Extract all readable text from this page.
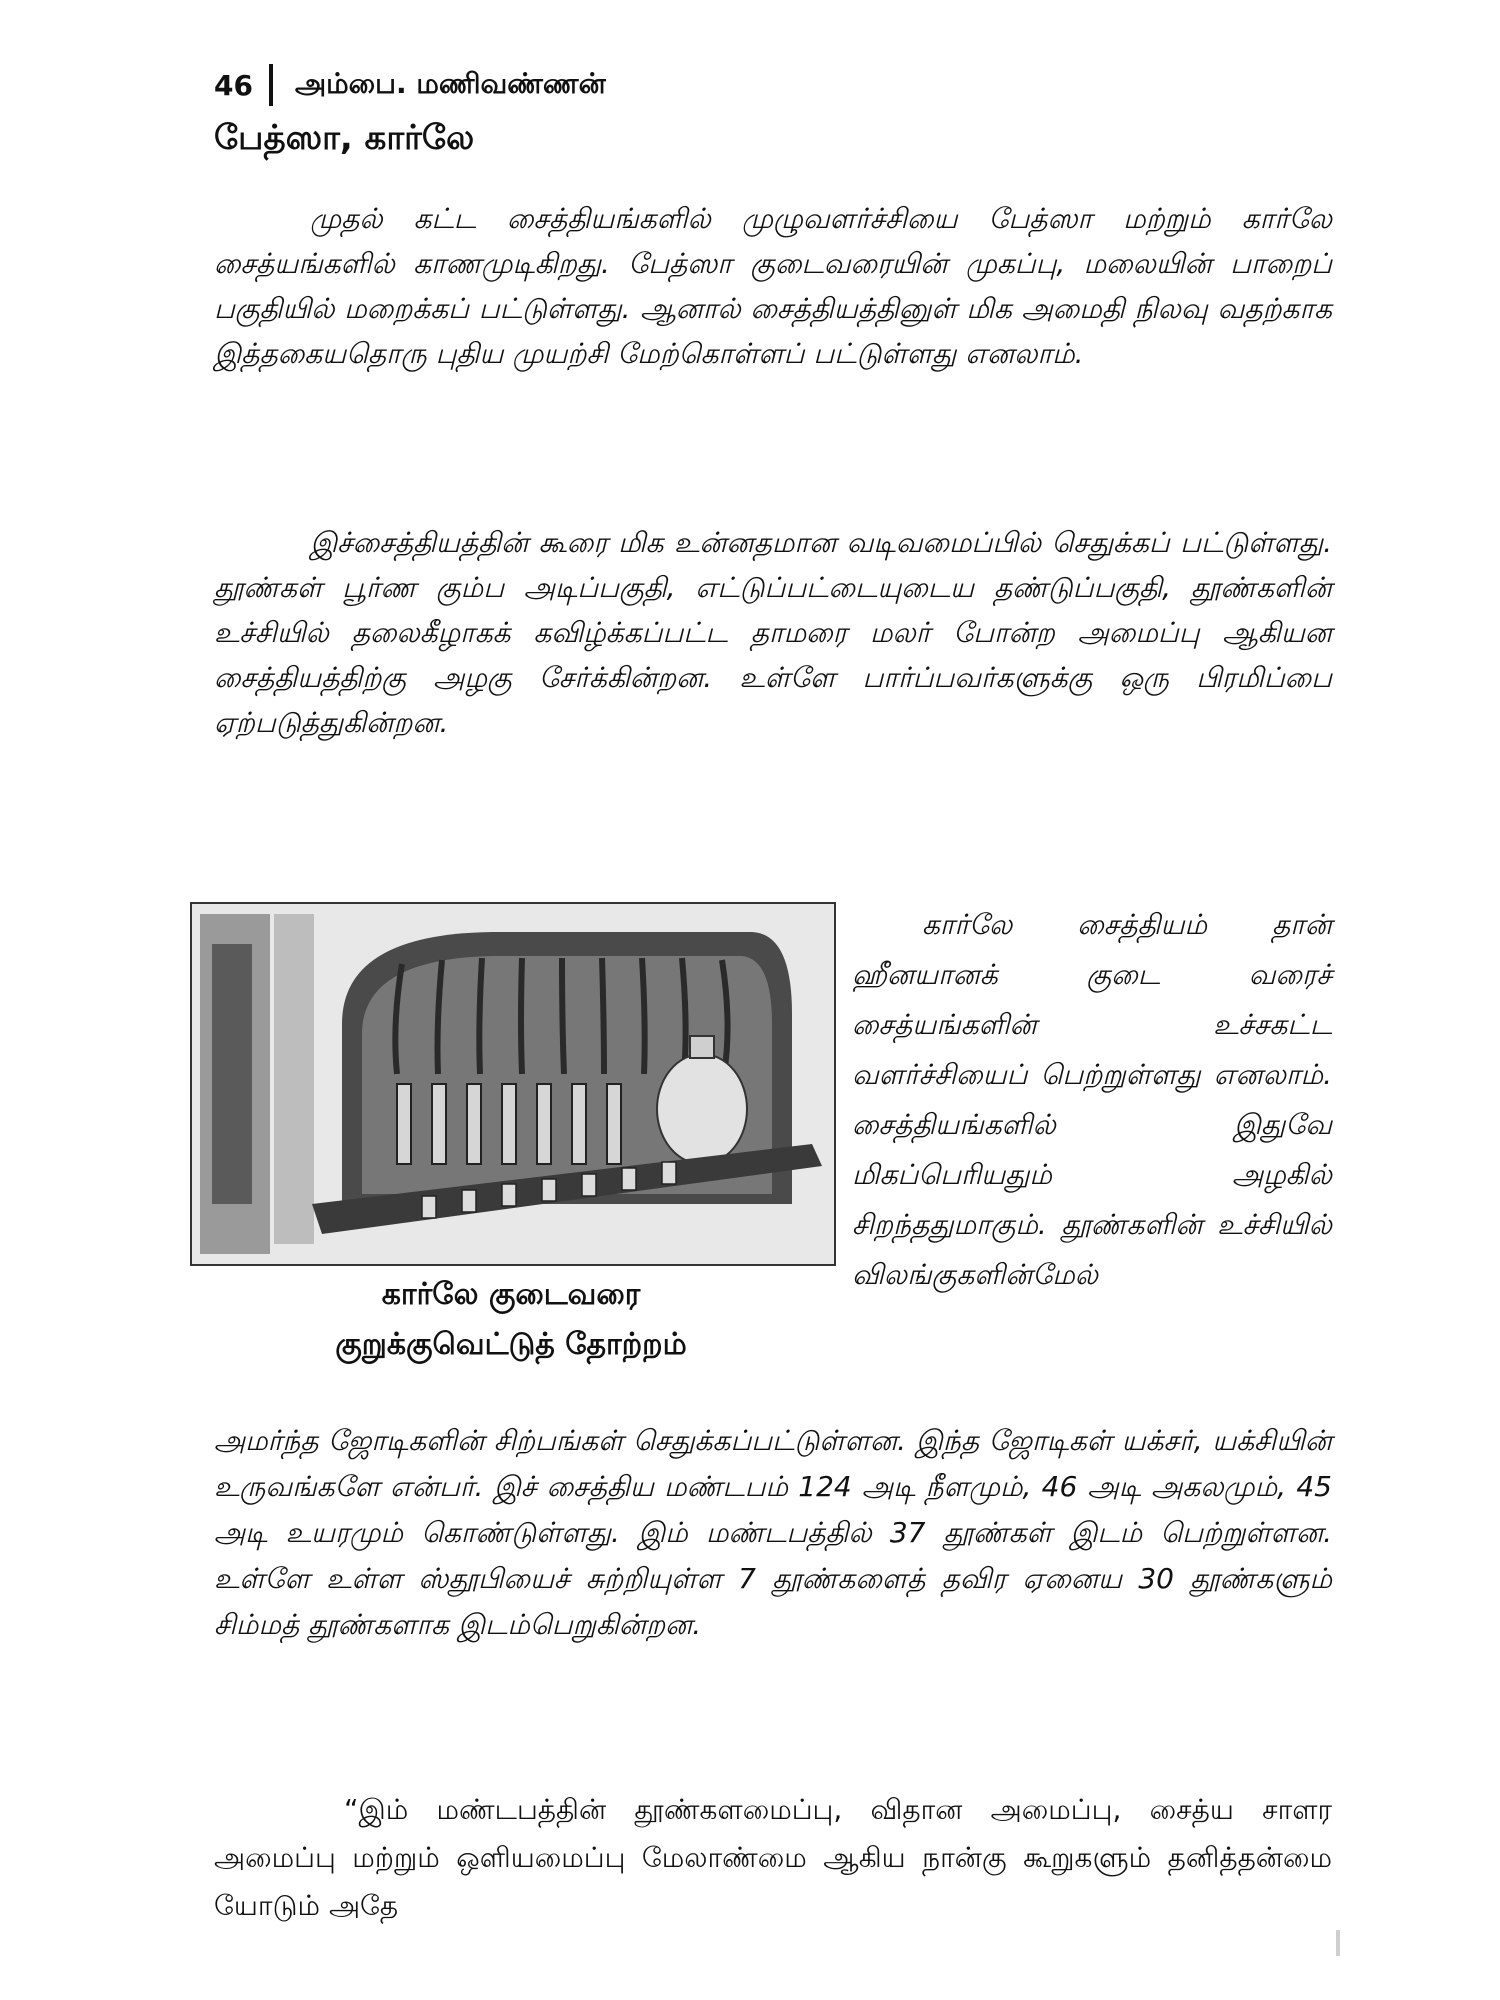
46 அம்பை. மணிவண்ணன்
பேத்ஸா, கார்லே

முதல் கட்ட சைத்தியங்களில் முழுவளர்ச்சியை பேத்ஸா மற்றும் கார்லே சைத்யங்களில் காணமுடிகிறது. பேத்ஸா குடைவரையின் முகப்பு, மலையின் பாறைப் பகுதியில் மறைக்கப் பட்டுள்ளது. ஆனால் சைத்தியத்தினுள் மிக அமைதி நிலவு வதற்காக இத்தகையதொரு புதிய முயற்சி மேற்கொள்ளப் பட்டுள்ளது எனலாம்.

இச்சைத்தியத்தின் கூரை மிக உன்னதமான வடிவமைப்பில் செதுக்கப் பட்டுள்ளது. தூண்கள் பூர்ண கும்ப அடிப்பகுதி, எட்டுப்பட்டையுடைய தண்டுப்பகுதி, தூண்களின் உச்சியில் தலைகீழாகக் கவிழ்க்கப்பட்ட தாமரை மலர் போன்ற அமைப்பு ஆகியன சைத்தியத்திற்கு அழகு சேர்க்கின்றன. உள்ளே பார்ப்பவர்களுக்கு ஒரு பிரமிப்பை ஏற்படுத்துகின்றன.

கார்லே குடைவரை
குறுக்குவெட்டுத் தோற்றம்

கார்லே சைத்தியம் தான் ஹீனயானக் குடை வரைச் சைத்யங்களின் உச்சகட்ட வளர்ச்சியைப் பெற்றுள்ளது எனலாம். சைத்தியங்களில் இதுவே மிகப்பெரியதும் அழகில் சிறந்ததுமாகும். தூண்களின் உச்சியில் விலங்குகளின்மேல்

அமர்ந்த ஜோடிகளின் சிற்பங்கள் செதுக்கப்பட்டுள்ளன. இந்த ஜோடிகள் யக்சர், யக்சியின் உருவங்களே என்பர். இச் சைத்திய மண்டபம் 124 அடி நீளமும், 46 அடி அகலமும், 45 அடி உயரமும் கொண்டுள்ளது. இம் மண்டபத்தில் 37 தூண்கள் இடம் பெற்றுள்ளன. உள்ளே உள்ள ஸ்தூபியைச் சுற்றியுள்ள 7 தூண்களைத் தவிர ஏனைய 30 தூண்களும் சிம்மத் தூண்களாக இடம்பெறுகின்றன.

“இம் மண்டபத்தின் தூண்களமைப்பு, விதான அமைப்பு, சைத்ய சாளர அமைப்பு மற்றும் ஒளியமைப்பு மேலாண்மை ஆகிய நான்கு கூறுகளும் தனித்தன்மை யோடும் அதே
